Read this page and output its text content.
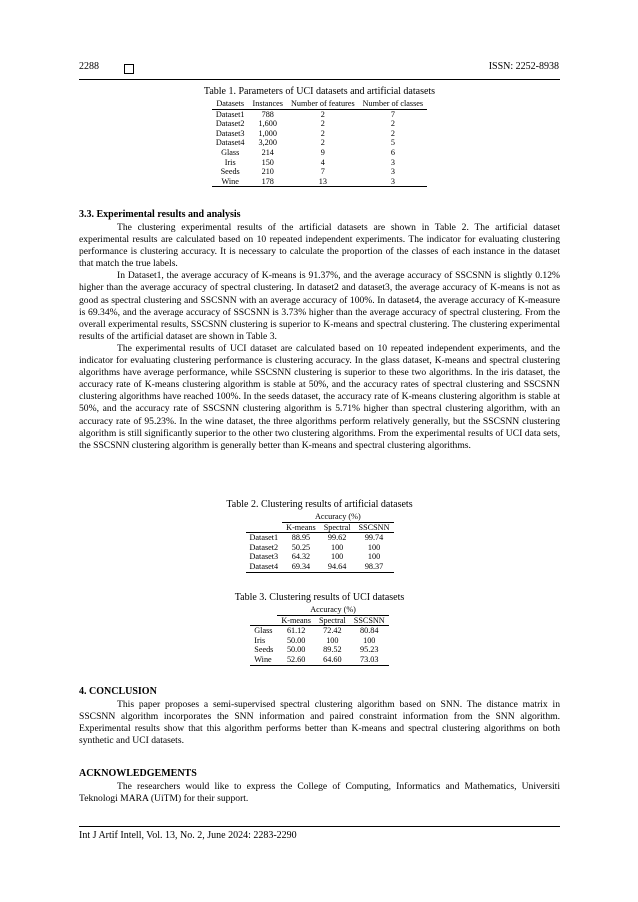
2288	ISSN: 2252-8938
Table 1. Parameters of UCI datasets and artificial datasets
Datasets	Instances	Number of features	Number of classes
Dataset1	788	2	7
Dataset2	1,600	2	2
Dataset3	1,000	2	2
Dataset4	3,200	2	5
Glass	214	9	6
Iris	150	4	3
Seeds	210	7	3
Wine	178	13	3
3.3. Experimental results and analysis

The clustering experimental results of the artificial datasets are shown in Table 2. The artificial dataset experimental results are calculated based on 10 repeated independent experiments. The indicator for evaluating clustering performance is clustering accuracy. It is necessary to calculate the proportion of the classes of each instance in the dataset that match the true labels.

In Dataset1, the average accuracy of K-means is 91.37%, and the average accuracy of SSCSNN is slightly 0.12% higher than the average accuracy of spectral clustering. In dataset2 and dataset3, the average accuracy of K-means is not as good as spectral clustering and SSCSNN with an average accuracy of 100%. In dataset4, the average accuracy of K-measure is 69.34%, and the average accuracy of SSCSNN is 3.73% higher than the average accuracy of spectral clustering. From the overall experimental results, SSCSNN clustering is superior to K-means and spectral clustering. The clustering experimental results of the artificial dataset are shown in Table 3.

The experimental results of UCI dataset are calculated based on 10 repeated independent experiments, and the indicator for evaluating clustering performance is clustering accuracy. In the glass dataset, K-means and spectral clustering algorithms have average performance, while SSCSNN clustering is superior to these two algorithms. In the iris dataset, the accuracy rate of K-means clustering algorithm is stable at 50%, and the accuracy rates of spectral clustering and SSCSNN clustering algorithms have reached 100%. In the seeds dataset, the accuracy rate of K-means clustering algorithm is stable at 50%, and the accuracy rate of SSCSNN clustering algorithm is 5.71% higher than spectral clustering algorithm, with an accuracy rate of 95.23%. In the wine dataset, the three algorithms perform relatively generally, but the SSCSNN clustering algorithm is still significantly superior to the other two clustering algorithms. From the experimental results of UCI data sets, the SSCSNN clustering algorithm is generally better than K-means and spectral clustering algorithms.

Table 2. Clustering results of artificial datasets
	Accuracy (%)		
	K-means	Spectral	SSCSNN
Dataset1	88.95	99.62	99.74
Dataset2	50.25	100	100
Dataset3	64.32	100	100
Dataset4	69.34	94.64	98.37
Table 3. Clustering results of UCI datasets
	Accuracy (%)		
	K-means	Spectral	SSCSNN
Glass	61.12	72.42	80.84
Iris	50.00	100	100
Seeds	50.00	89.52	95.23
Wine	52.60	64.60	73.03
4. CONCLUSION

This paper proposes a semi-supervised spectral clustering algorithm based on SNN. The distance matrix in SSCSNN algorithm incorporates the SNN information and paired constraint information from the SNN algorithm. Experimental results show that this algorithm performs better than K-means and spectral clustering algorithms on both synthetic and UCI datasets.

ACKNOWLEDGEMENTS

The researchers would like to express the College of Computing, Informatics and Mathematics, Universiti Teknologi MARA (UiTM) for their support.

Int J Artif Intell, Vol. 13, No. 2, June 2024: 2283-2290
